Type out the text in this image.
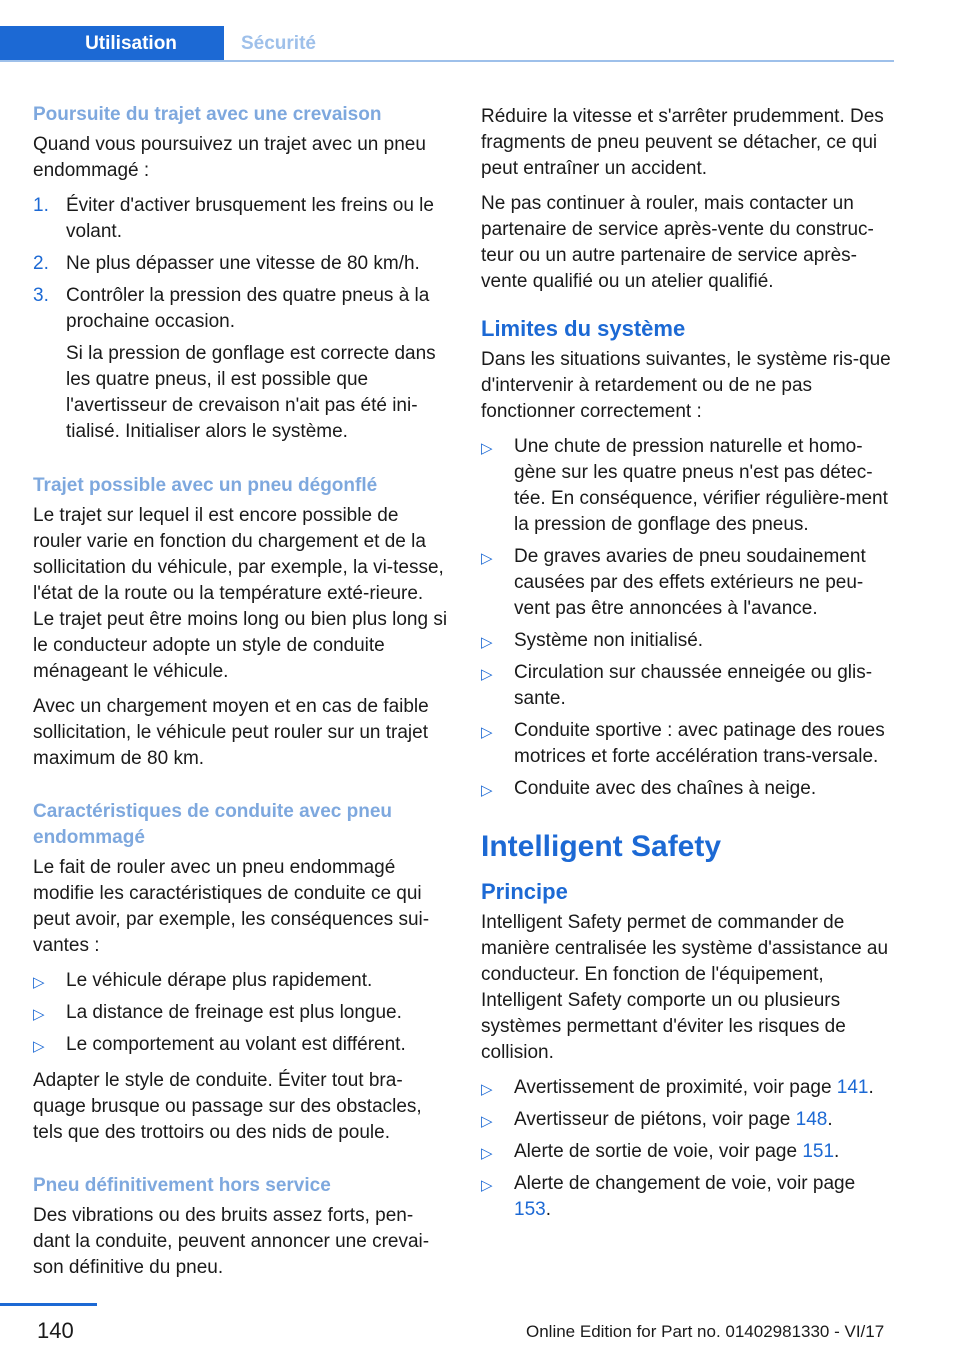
Utilisation	Sécurité
Poursuite du trajet avec une crevaison

Quand vous poursuivez un trajet avec un pneu endommagé :

1. Éviter d'activer brusquement les freins ou le volant.
2. Ne plus dépasser une vitesse de 80 km/h.
3. Contrôler la pression des quatre pneus à la prochaine occasion.

Si la pression de gonflage est correcte dans les quatre pneus, il est possible que l'avertisseur de crevaison n'ait pas été ini-tialisé. Initialiser alors le système.

Trajet possible avec un pneu dégonflé

Le trajet sur lequel il est encore possible de rouler varie en fonction du chargement et de la sollicitation du véhicule, par exemple, la vi-tesse, l'état de la route ou la température exté-rieure. Le trajet peut être moins long ou bien plus long si le conducteur adopte un style de conduite ménageant le véhicule.

Avec un chargement moyen et en cas de faible sollicitation, le véhicule peut rouler sur un trajet maximum de 80 km.

Caractéristiques de conduite avec pneu endommagé

Le fait de rouler avec un pneu endommagé modifie les caractéristiques de conduite ce qui peut avoir, par exemple, les conséquences sui-vantes :

▷ Le véhicule dérape plus rapidement.
▷ La distance de freinage est plus longue.
▷ Le comportement au volant est différent.

Adapter le style de conduite. Éviter tout bra-quage brusque ou passage sur des obstacles, tels que des trottoirs ou des nids de poule.

Pneu définitivement hors service

Des vibrations ou des bruits assez forts, pen-dant la conduite, peuvent annoncer une crevai-son définitive du pneu.

Réduire la vitesse et s'arrêter prudemment. Des fragments de pneu peuvent se détacher, ce qui peut entraîner un accident.

Ne pas continuer à rouler, mais contacter un partenaire de service après-vente du construc-teur ou un autre partenaire de service après-vente qualifié ou un atelier qualifié.

Limites du système

Dans les situations suivantes, le système ris-que d'intervenir à retardement ou de ne pas fonctionner correctement :

▷ Une chute de pression naturelle et homo-gène sur les quatre pneus n'est pas détec-tée. En conséquence, vérifier régulière-ment la pression de gonflage des pneus.
▷ De graves avaries de pneu soudainement causées par des effets extérieurs ne peu-vent pas être annoncées à l'avance.
▷ Système non initialisé.
▷ Circulation sur chaussée enneigée ou glis-sante.
▷ Conduite sportive : avec patinage des roues motrices et forte accélération trans-versale.
▷ Conduite avec des chaînes à neige.
Intelligent Safety
Principe

Intelligent Safety permet de commander de manière centralisée les système d'assistance au conducteur. En fonction de l'équipement, Intelligent Safety comporte un ou plusieurs systèmes permettant d'éviter les risques de collision.

▷ Avertissement de proximité, voir page 141.
▷ Avertisseur de piétons, voir page 148.
▷ Alerte de sortie de voie, voir page 151.
▷ Alerte de changement de voie, voir page 153.
140	Online Edition for Part no. 01402981330 - VI/17
